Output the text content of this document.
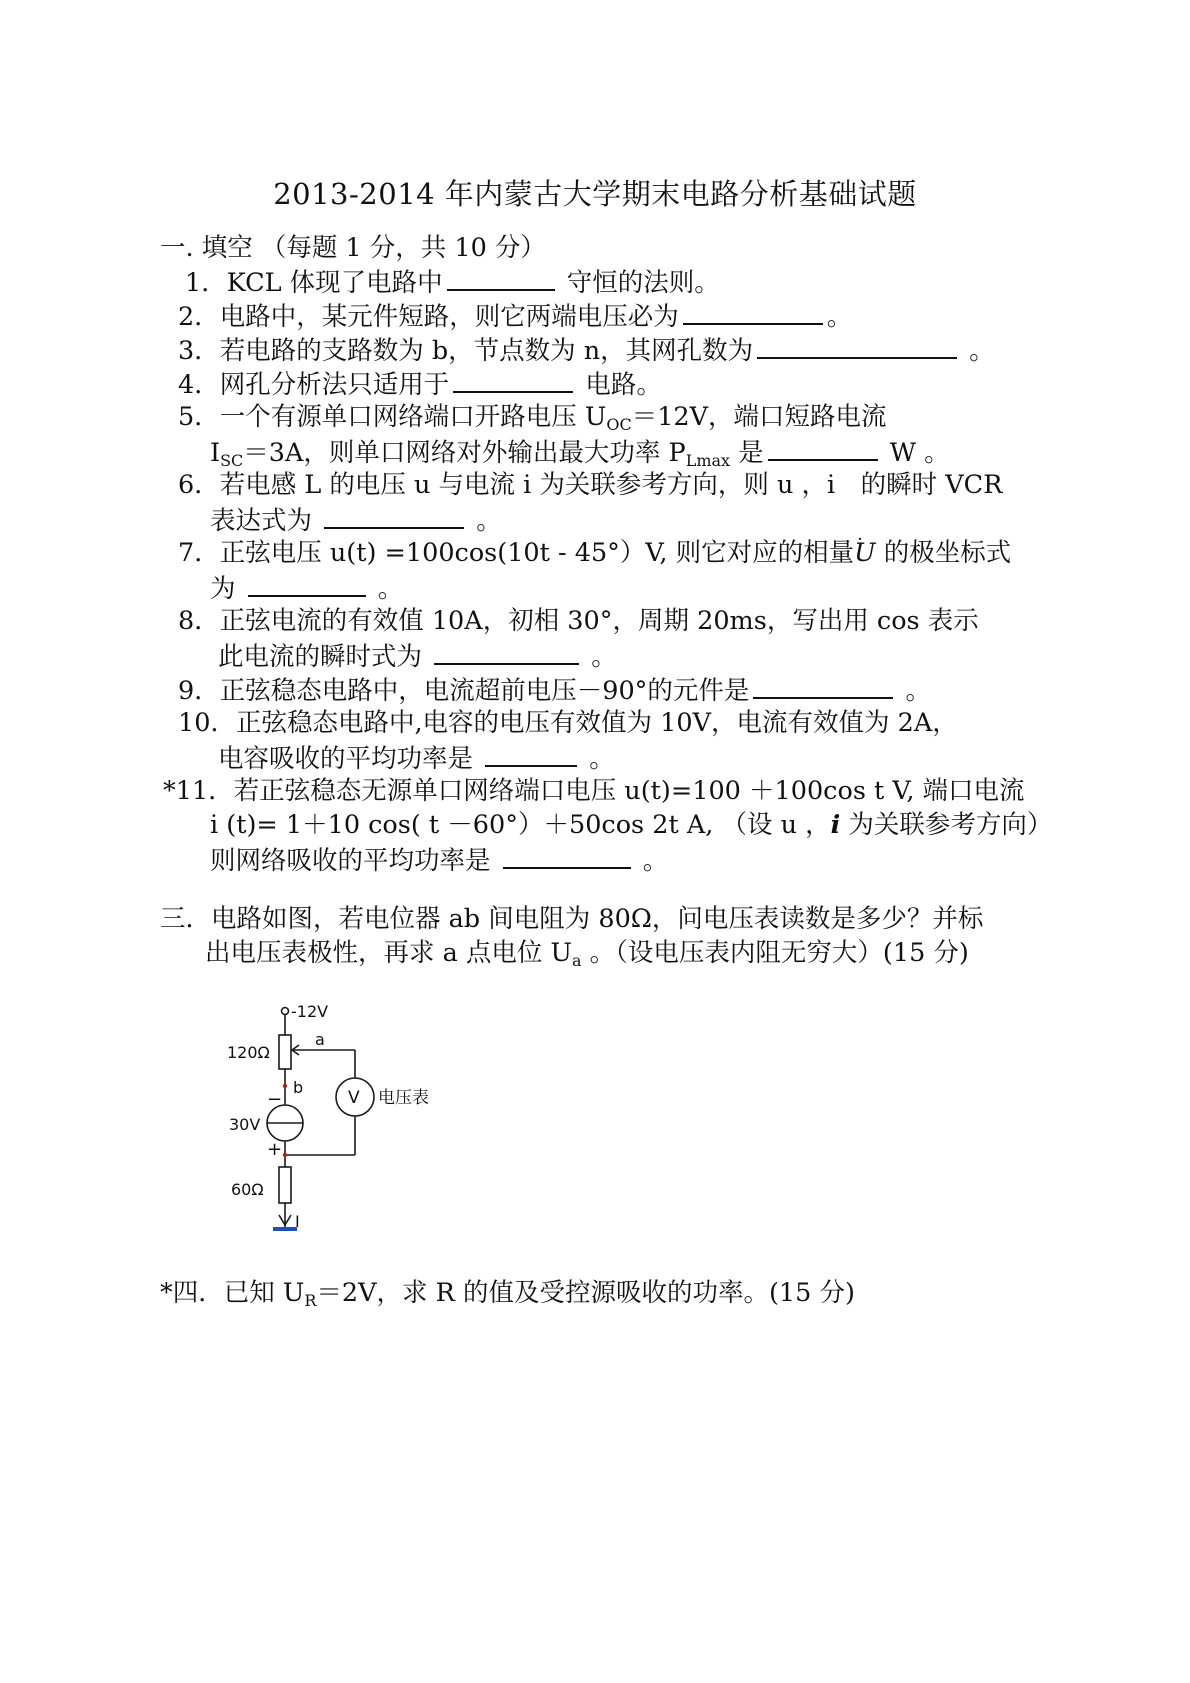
2013-2014 年内蒙古大学期末电路分析基础试题
一. 填空 （每题 1 分，共 10 分）
1．KCL 体现了电路中	守恒的法则。
2．电路中，某元件短路，则它两端电压必为	。
3．若电路的支路数为 b，节点数为 n，其网孔数为	。
4．网孔分析法只适用于	电路。
5．一个有源单口网络端口开路电压 $U_{OC}=12V$，端口短路电流
$I_{SC}=3A$，则单口网络对外输出最大功率 $P_{Lmax}$ 是	W 。
6．若电感 L 的电压 u 与电流 i 为关联参考方向，则 u ，i　的瞬时 VCR
表达式为	。
7．正弦电压 u(t) =100cos(10t - 45°）V, 则它对应的相量· U 的极坐标式
为	。
8．正弦电流的有效值 10A，初相 30°，周期 20ms，写出用 cos 表示
此电流的瞬时式为	。
9．正弦稳态电路中，电流超前电压－90°的元件是	。
10．正弦稳态电路中,电容的电压有效值为 10V，电流有效值为 2A，
电容吸收的平均功率是	。
*11．若正弦稳态无源单口网络端口电压 u(t)=100 ＋100cos t V, 端口电流
i (t)= 1＋10 cos( t －60°）＋50cos 2t A, （设 u ，i 为关联参考方向）
则网络吸收的平均功率是	。
三．电路如图，若电位器 ab 间电阻为 80Ω，问电压表读数是多少？并标
出电压表极性，再求 a 点电位 $U_a$ 。（设电压表内阻无穷大）(15 分)
-12V
120Ω
a
b
−
+
30V
V 电压表
60Ω
I
*四．已知 $U_R=2V$，求 R 的值及受控源吸收的功率。(15 分)
